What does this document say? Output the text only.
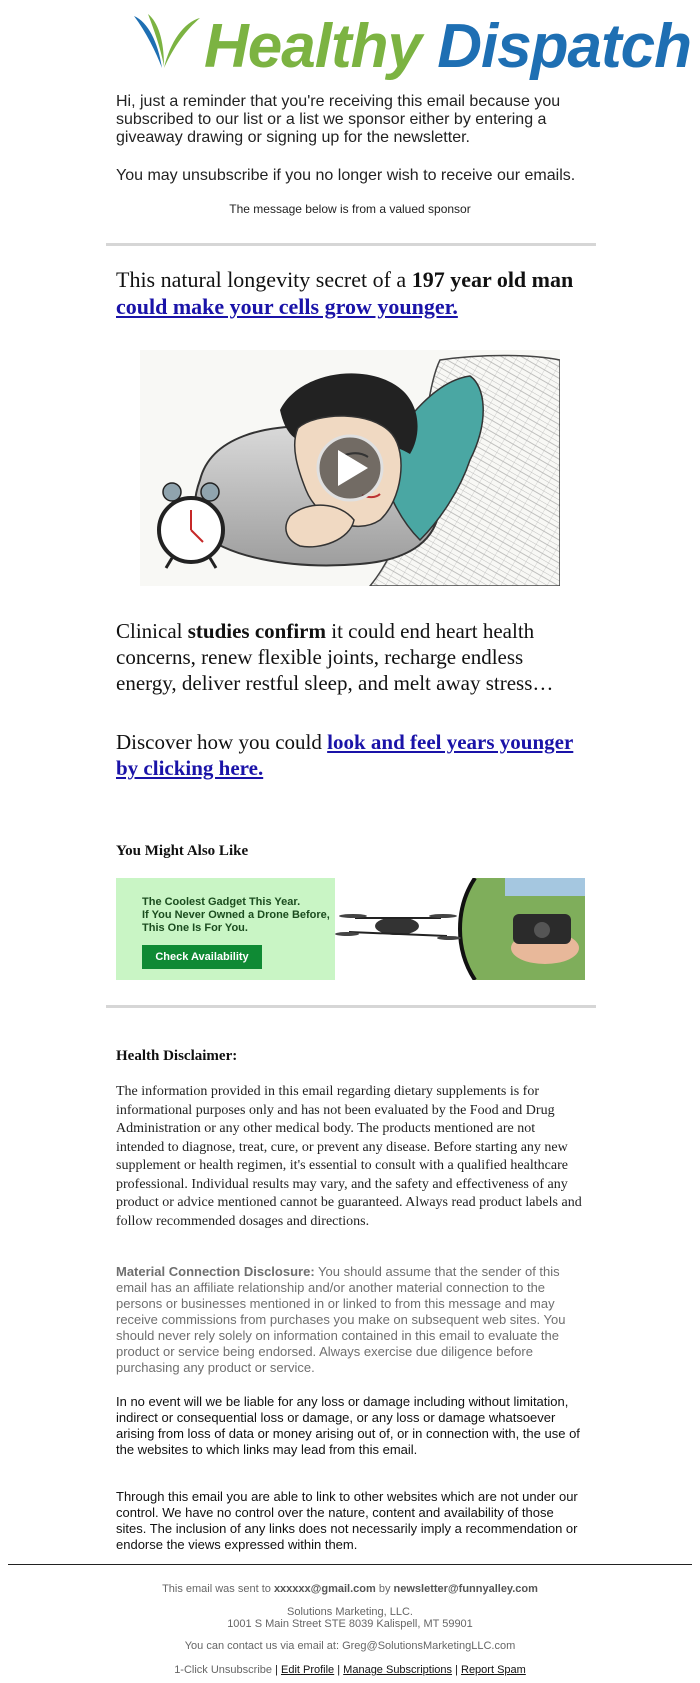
Healthy Dispatch
Hi, just a reminder that you're receiving this email because you subscribed to our list or a list we sponsor either by entering a giveaway drawing or signing up for the newsletter.
You may unsubscribe if you no longer wish to receive our emails.
The message below is from a valued sponsor
This natural longevity secret of a 197 year old man
could make your cells grow younger.
Clinical studies confirm it could end heart health concerns, renew flexible joints, recharge endless energy, deliver restful sleep, and melt away stress…
Discover how you could look and feel years younger by clicking here.
You Might Also Like
The Coolest Gadget This Year.
If You Never Owned a Drone Before,
This One Is For You.
Check Availability
Health Disclaimer:
The information provided in this email regarding dietary supplements is for informational purposes only and has not been evaluated by the Food and Drug Administration or any other medical body. The products mentioned are not intended to diagnose, treat, cure, or prevent any disease. Before starting any new supplement or health regimen, it's essential to consult with a qualified healthcare professional. Individual results may vary, and the safety and effectiveness of any product or advice mentioned cannot be guaranteed. Always read product labels and follow recommended dosages and directions.
Material Connection Disclosure: You should assume that the sender of this email has an affiliate relationship and/or another material connection to the persons or businesses mentioned in or linked to from this message and may receive commissions from purchases you make on subsequent web sites. You should never rely solely on information contained in this email to evaluate the product or service being endorsed. Always exercise due diligence before purchasing any product or service.
In no event will we be liable for any loss or damage including without limitation, indirect or consequential loss or damage, or any loss or damage whatsoever arising from loss of data or money arising out of, or in connection with, the use of the websites to which links may lead from this email.
Through this email you are able to link to other websites which are not under our control. We have no control over the nature, content and availability of those sites. The inclusion of any links does not necessarily imply a recommendation or endorse the views expressed within them.
This email was sent to xxxxxx@gmail.com by newsletter@funnyalley.com
Solutions Marketing, LLC.
1001 S Main Street STE 8039 Kalispell, MT 59901
You can contact us via email at: Greg@SolutionsMarketingLLC.com
1-Click Unsubscribe | Edit Profile | Manage Subscriptions | Report Spam
